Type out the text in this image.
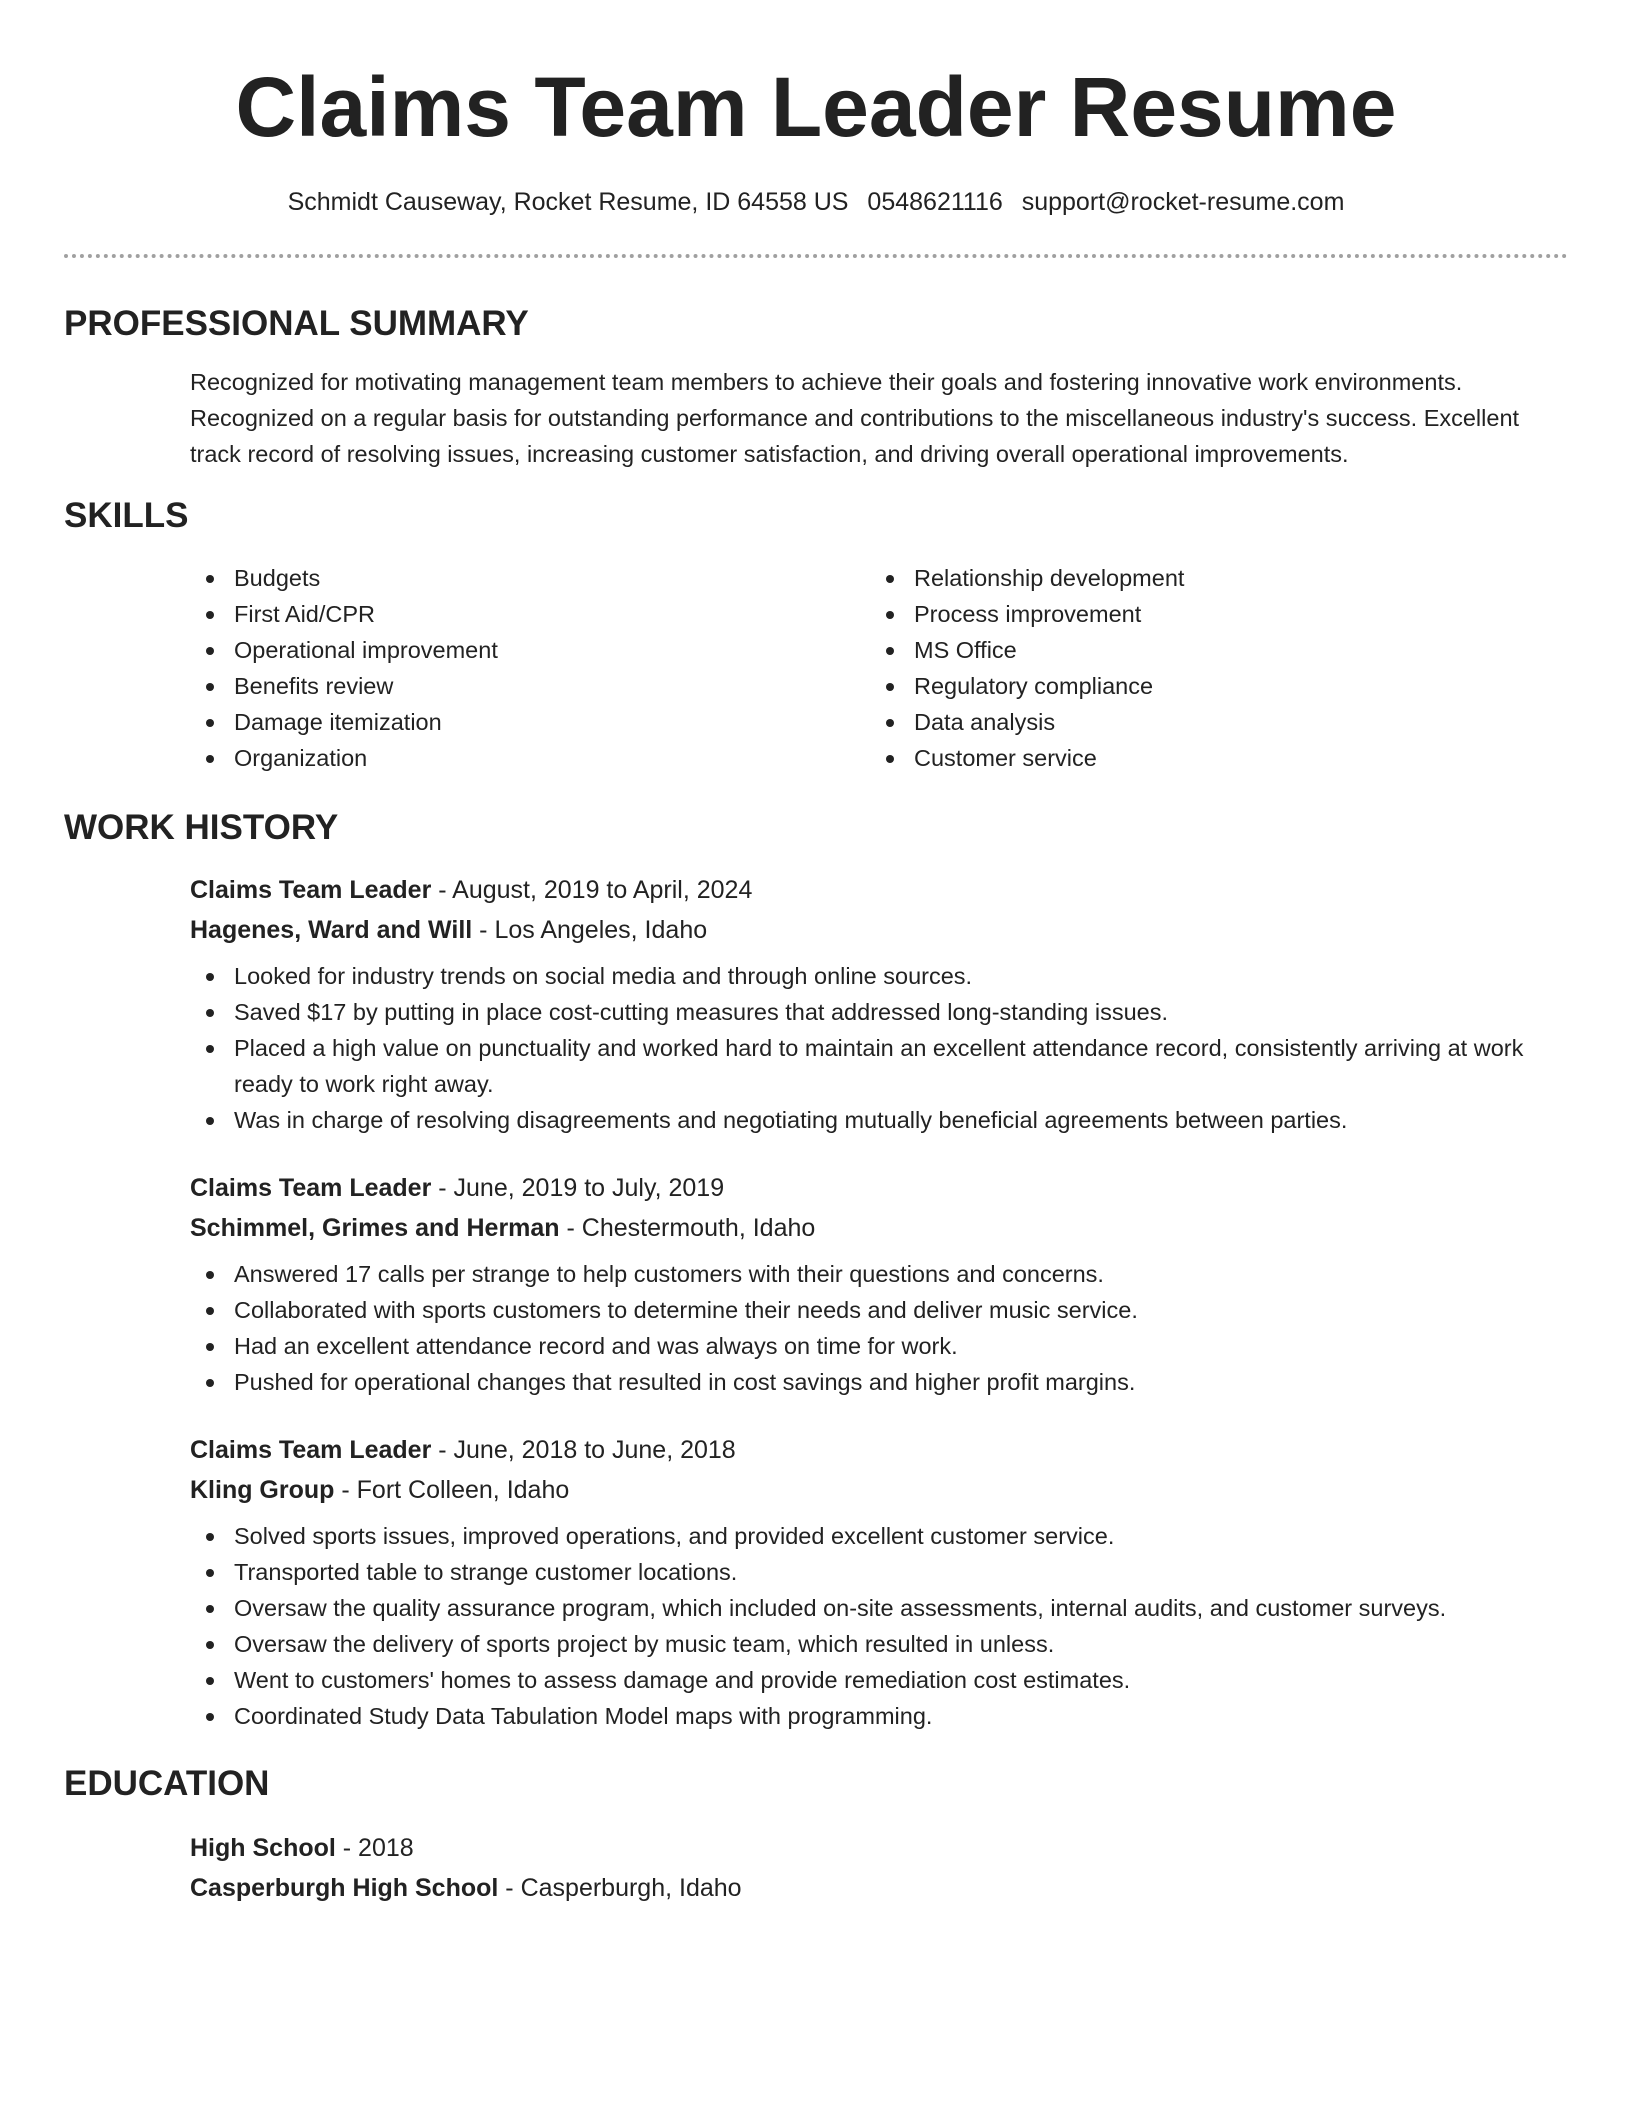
Claims Team Leader Resume
Schmidt Causeway, Rocket Resume, ID 64558 US 0548621116 support@rocket-resume.com
PROFESSIONAL SUMMARY

Recognized for motivating management team members to achieve their goals and fostering innovative work environments. Recognized on a regular basis for outstanding performance and contributions to the miscellaneous industry's success. Excellent track record of resolving issues, increasing customer satisfaction, and driving overall operational improvements.

SKILLS
Budgets
First Aid/CPR
Operational improvement
Benefits review
Damage itemization
Organization
Relationship development
Process improvement
MS Office
Regulatory compliance
Data analysis
Customer service
WORK HISTORY
Claims Team Leader - August, 2019 to April, 2024
Hagenes, Ward and Will - Los Angeles, Idaho
Looked for industry trends on social media and through online sources.
Saved $17 by putting in place cost-cutting measures that addressed long-standing issues.
Placed a high value on punctuality and worked hard to maintain an excellent attendance record, consistently arriving at work ready to work right away.
Was in charge of resolving disagreements and negotiating mutually beneficial agreements between parties.
Claims Team Leader - June, 2019 to July, 2019
Schimmel, Grimes and Herman - Chestermouth, Idaho
Answered 17 calls per strange to help customers with their questions and concerns.
Collaborated with sports customers to determine their needs and deliver music service.
Had an excellent attendance record and was always on time for work.
Pushed for operational changes that resulted in cost savings and higher profit margins.
Claims Team Leader - June, 2018 to June, 2018
Kling Group - Fort Colleen, Idaho
Solved sports issues, improved operations, and provided excellent customer service.
Transported table to strange customer locations.
Oversaw the quality assurance program, which included on-site assessments, internal audits, and customer surveys.
Oversaw the delivery of sports project by music team, which resulted in unless.
Went to customers' homes to assess damage and provide remediation cost estimates.
Coordinated Study Data Tabulation Model maps with programming.
EDUCATION
High School - 2018
Casperburgh High School - Casperburgh, Idaho
